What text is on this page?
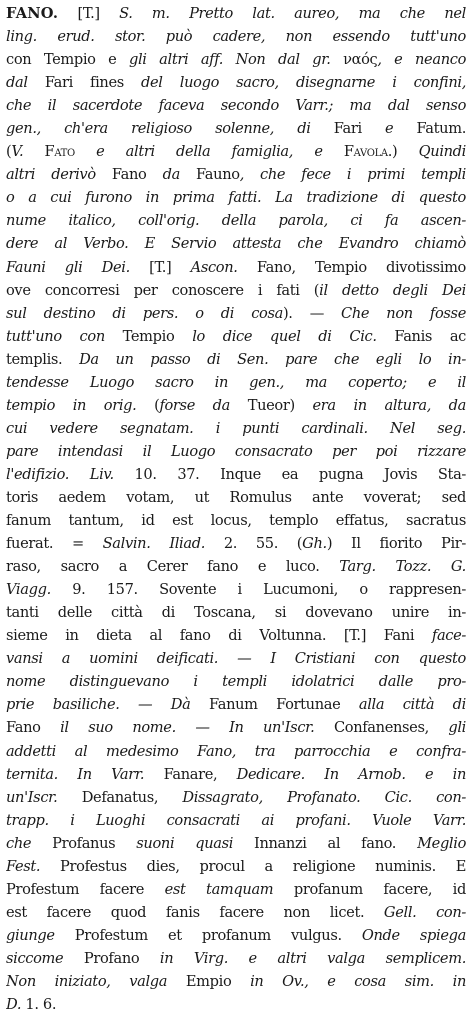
FANO. [T.] S. m. Pretto lat. aureo, ma che nel
ling. erud. stor. può cadere, non essendo tutt'uno
con Tempio e gli altri aff. Non dal gr. ναός, e neanco
dal Fari fines del luogo sacro, disegnarne i confini,
che il sacerdote faceva secondo Varr.; ma dal senso
gen., ch'era religioso solenne, di Fari e Fatum.
(V. Fato e altri della famiglia, e Favola.) Quindi
altri derivò Fano da Fauno, che fece i primi templi
o a cui furono in prima fatti. La tradizione di questo
nume italico, coll'orig. della parola, ci fa ascen-
dere al Verbo. E Servio attesta che Evandro chiamò
Fauni gli Dei. [T.] Ascon. Fano, Tempio divotissimo
ove concorresi per conoscere i fati (il detto degli Dei
sul destino di pers. o di cosa). — Che non fosse
tutt'uno con Tempio lo dice quel di Cic. Fanis ac
templis. Da un passo di Sen. pare che egli lo in-
tendesse Luogo sacro in gen., ma coperto; e il
tempio in orig. (forse da Tueor) era in altura, da
cui vedere segnatam. i punti cardinali. Nel seg.
pare intendasi il Luogo consacrato per poi rizzare
l'edifizio. Liv. 10. 37. Inque ea pugna Jovis Sta-
toris aedem votam, ut Romulus ante voverat; sed
fanum tantum, id est locus, templo effatus, sacratus
fuerat. = Salvin. Iliad. 2. 55. (Gh.) Il fiorito Pir-
raso, sacro a Cerer fano e luco. Targ. Tozz. G.
Viagg. 9. 157. Sovente i Lucumoni, o rappresen-
tanti delle città di Toscana, si dovevano unire in-
sieme in dieta al fano di Voltunna. [T.] Fani face-
vansi a uomini deificati. — I Cristiani con questo
nome distinguevano i templi idolatrici dalle pro-
prie basiliche. — Dà Fanum Fortunae alla città di
Fano il suo nome. — In un'Iscr. Confanenses, gli
addetti al medesimo Fano, tra parrocchia e confra-
ternita. In Varr. Fanare, Dedicare. In Arnob. e in
un'Iscr. Defanatus, Dissagrato, Profanato. Cic. con-
trapp. i Luoghi consacrati ai profani. Vuole Varr.
che Profanus suoni quasi Innanzi al fano. Meglio
Fest. Profestus dies, procul a religione numinis. E
Profestum facere est tamquam profanum facere, id
est facere quod fanis facere non licet. Gell. con-
giunge Profestum et profanum vulgus. Onde spiega
siccome Profano in Virg. e altri valga semplicem.
Non iniziato, valga Empio in Ov., e cosa sim. in
D. 1. 6.
